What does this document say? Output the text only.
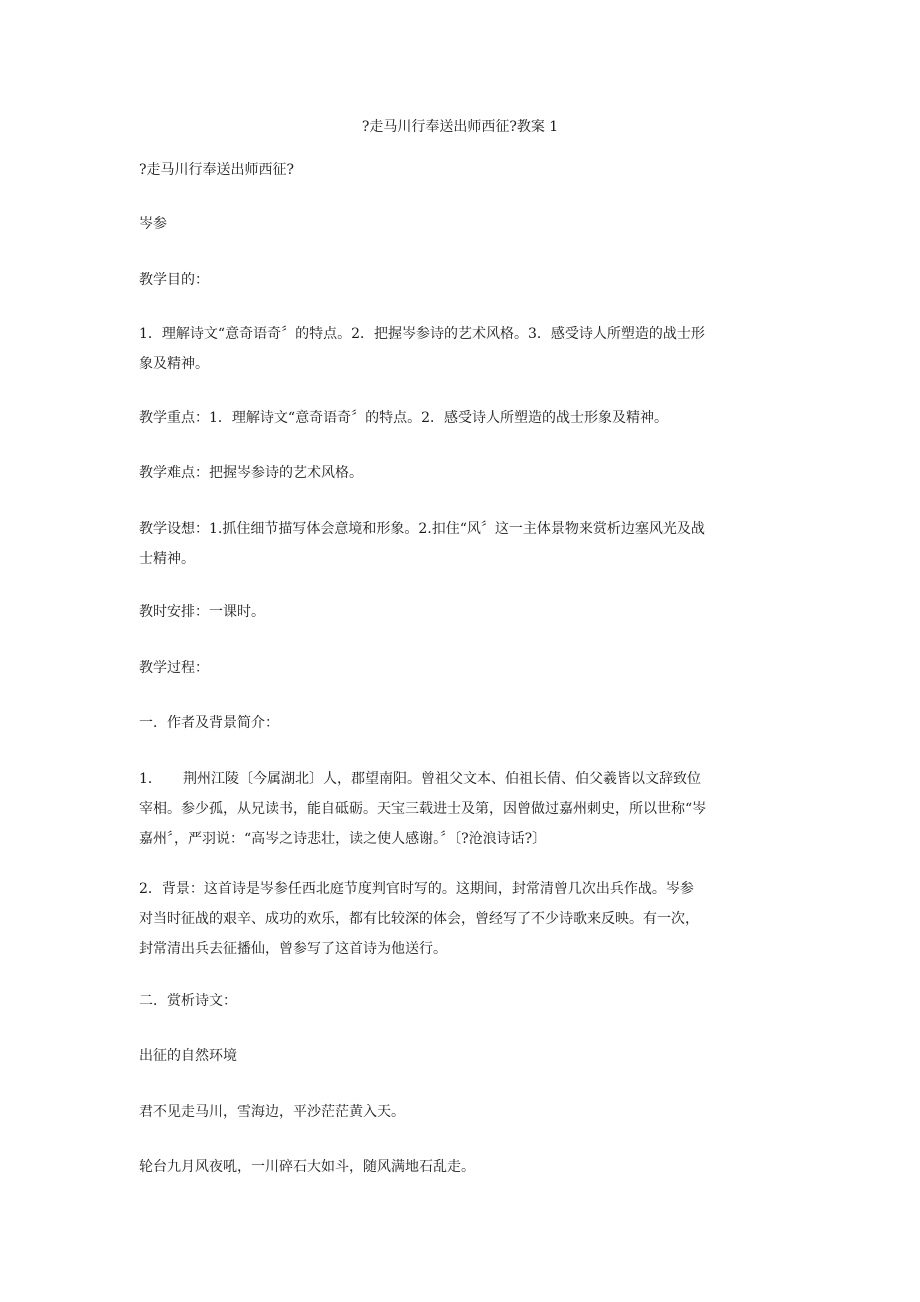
?走马川行奉送出师西征?教案 1
?走马川行奉送出师西征?
岑参
教学目的：
1．理解诗文“意奇语奇〞的特点。2．把握岑参诗的艺术风格。3．感受诗人所塑造的战士形
象及精神。
教学重点：1．理解诗文“意奇语奇〞的特点。2．感受诗人所塑造的战士形象及精神。
教学难点：把握岑参诗的艺术风格。
教学设想：1.抓住细节描写体会意境和形象。2.扣住“风〞这一主体景物来赏析边塞风光及战
士精神。
教时安排：一课时。
教学过程：
一．作者及背景简介：
1． 荆州江陵〔今属湖北〕人，郡望南阳。曾祖父文本、伯祖长倩、伯父羲皆以文辞致位
宰相。参少孤，从兄读书，能自砥砺。天宝三载进士及第，因曾做过嘉州刺史，所以世称“岑
嘉州〞，严羽说：“高岑之诗悲壮，读之使人感谢。〞〔?沧浪诗话?〕
2．背景：这首诗是岑参任西北庭节度判官时写的。这期间，封常清曾几次出兵作战。岑参
对当时征战的艰辛、成功的欢乐，都有比较深的体会，曾经写了不少诗歌来反映。有一次，
封常清出兵去征播仙，曾参写了这首诗为他送行。
二．赏析诗文：
出征的自然环境
君不见走马川，雪海边，平沙茫茫黄入天。
轮台九月风夜吼，一川碎石大如斗，随风满地石乱走。
